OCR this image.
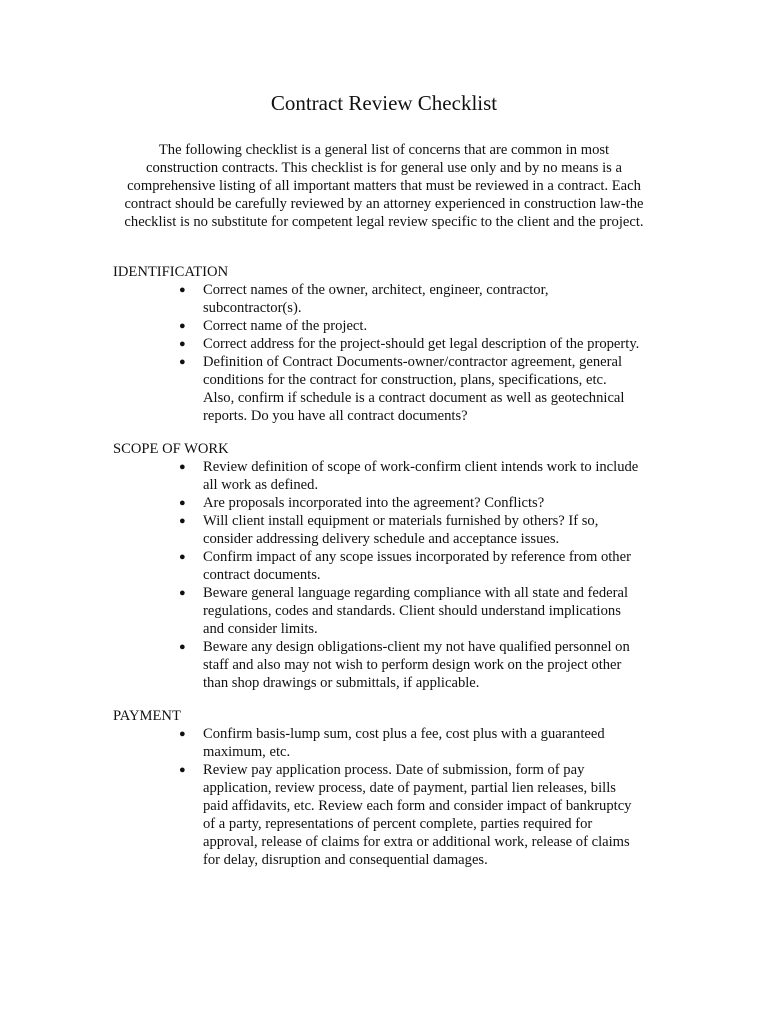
Contract Review Checklist
The following checklist is a general list of concerns that are common in most
construction contracts. This checklist is for general use only and by no means is a
comprehensive listing of all important matters that must be reviewed in a contract. Each
contract should be carefully reviewed by an attorney experienced in construction law-the
checklist is no substitute for competent legal review specific to the client and the project.

IDENTIFICATION

● Correct names of the owner, architect, engineer, contractor,
subcontractor(s).
● Correct name of the project.
● Correct address for the project-should get legal description of the property.
● Definition of Contract Documents-owner/contractor agreement, general
conditions for the contract for construction, plans, specifications, etc.
Also, confirm if schedule is a contract document as well as geotechnical
reports. Do you have all contract documents?

SCOPE OF WORK

● Review definition of scope of work-confirm client intends work to include
all work as defined.
● Are proposals incorporated into the agreement? Conflicts?
● Will client install equipment or materials furnished by others? If so,
consider addressing delivery schedule and acceptance issues.
● Confirm impact of any scope issues incorporated by reference from other
contract documents.
● Beware general language regarding compliance with all state and federal
regulations, codes and standards. Client should understand implications
and consider limits.
● Beware any design obligations-client my not have qualified personnel on
staff and also may not wish to perform design work on the project other
than shop drawings or submittals, if applicable.

PAYMENT

● Confirm basis-lump sum, cost plus a fee, cost plus with a guaranteed
maximum, etc.
● Review pay application process. Date of submission, form of pay
application, review process, date of payment, partial lien releases, bills
paid affidavits, etc. Review each form and consider impact of bankruptcy
of a party, representations of percent complete, parties required for
approval, release of claims for extra or additional work, release of claims
for delay, disruption and consequential damages.
